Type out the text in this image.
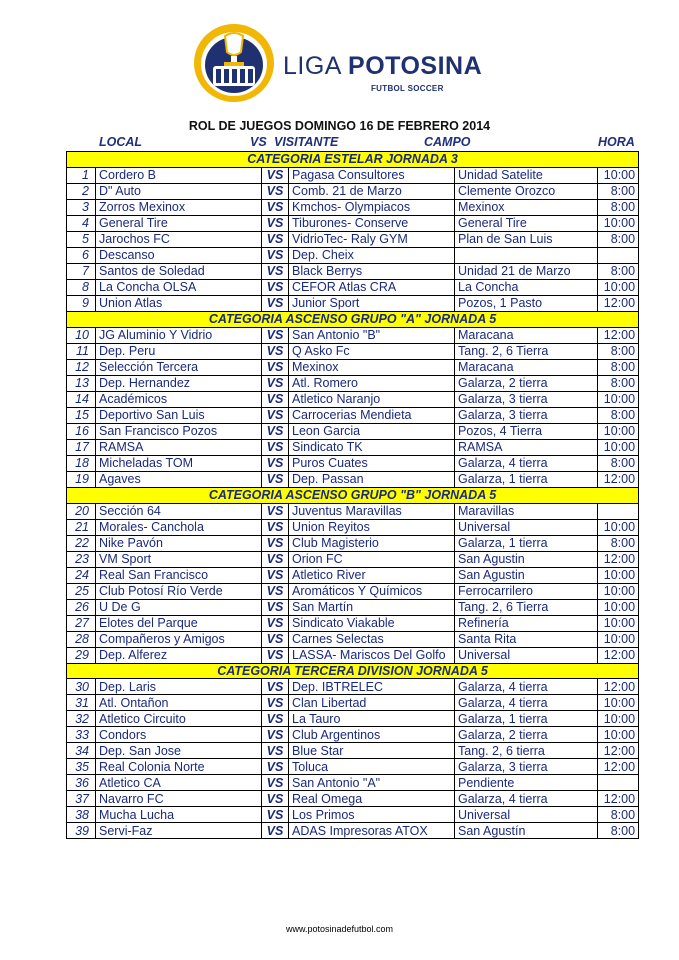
LIGA POTOSINA
FUTBOL SOCCER
ROL DE JUEGOS DOMINGO 16 DE FEBRERO 2014
LOCAL	VS VISITANTE	CAMPO	HORA
CATEGORIA ESTELAR JORNADA 3					
1	Cordero B	VS	Pagasa Consultores	Unidad Satelite	10:00
2	D" Auto	VS	Comb. 21 de Marzo	Clemente Orozco	8:00
3	Zorros Mexinox	VS	Kmchos- Olympiacos	Mexinox	8:00
4	General Tire	VS	Tiburones- Conserve	General Tire	10:00
5	Jarochos FC	VS	VidrioTec- Raly GYM	Plan de San Luis	8:00
6	Descanso	VS	Dep. Cheix		
7	Santos de Soledad	VS	Black Berrys	Unidad 21 de Marzo	8:00
8	La Concha OLSA	VS	CEFOR Atlas CRA	La Concha	10:00
9	Union Atlas	VS	Junior Sport	Pozos, 1 Pasto	12:00
CATEGORIA ASCENSO GRUPO "A" JORNADA 5					
10	JG Aluminio Y Vidrio	VS	San Antonio "B"	Maracana	12:00
11	Dep. Peru	VS	Q Asko Fc	Tang. 2, 6 Tierra	8:00
12	Selección Tercera	VS	Mexinox	Maracana	8:00
13	Dep. Hernandez	VS	Atl. Romero	Galarza, 2 tierra	8:00
14	Académicos	VS	Atletico Naranjo	Galarza, 3 tierra	10:00
15	Deportivo San Luis	VS	Carrocerias Mendieta	Galarza, 3 tierra	8:00
16	San Francisco Pozos	VS	Leon Garcia	Pozos, 4 Tierra	10:00
17	RAMSA	VS	Sindicato TK	RAMSA	10:00
18	Micheladas TOM	VS	Puros Cuates	Galarza, 4 tierra	8:00
19	Agaves	VS	Dep. Passan	Galarza, 1 tierra	12:00
CATEGORIA ASCENSO GRUPO "B" JORNADA 5					
20	Sección 64	VS	Juventus Maravillas	Maravillas	
21	Morales- Canchola	VS	Union Reyitos	Universal	10:00
22	Nike Pavón	VS	Club Magisterio	Galarza, 1 tierra	8:00
23	VM Sport	VS	Orion FC	San Agustin	12:00
24	Real San Francisco	VS	Atletico River	San Agustin	10:00
25	Club Potosí Río Verde	VS	Aromáticos Y Químicos	Ferrocarrilero	10:00
26	U De G	VS	San Martín	Tang. 2, 6 Tierra	10:00
27	Elotes del Parque	VS	Sindicato Viakable	Refinería	10:00
28	Compañeros y Amigos	VS	Carnes Selectas	Santa Rita	10:00
29	Dep. Alferez	VS	LASSA- Mariscos Del Golfo	Universal	12:00
CATEGORIA TERCERA DIVISION JORNADA 5					
30	Dep. Laris	VS	Dep. IBTRELEC	Galarza, 4 tierra	12:00
31	Atl. Ontañon	VS	Clan Libertad	Galarza, 4 tierra	10:00
32	Atletico Circuito	VS	La Tauro	Galarza, 1 tierra	10:00
33	Condors	VS	Club Argentinos	Galarza, 2 tierra	10:00
34	Dep. San Jose	VS	Blue Star	Tang. 2, 6 tierra	12:00
35	Real Colonia Norte	VS	Toluca	Galarza, 3 tierra	12:00
36	Atletico CA	VS	San Antonio "A"	Pendiente	
37	Navarro FC	VS	Real Omega	Galarza, 4 tierra	12:00
38	Mucha Lucha	VS	Los Primos	Universal	8:00
39	Servi-Faz	VS	ADAS Impresoras ATOX	San Agustín	8:00
www.potosinadefutbol.com
